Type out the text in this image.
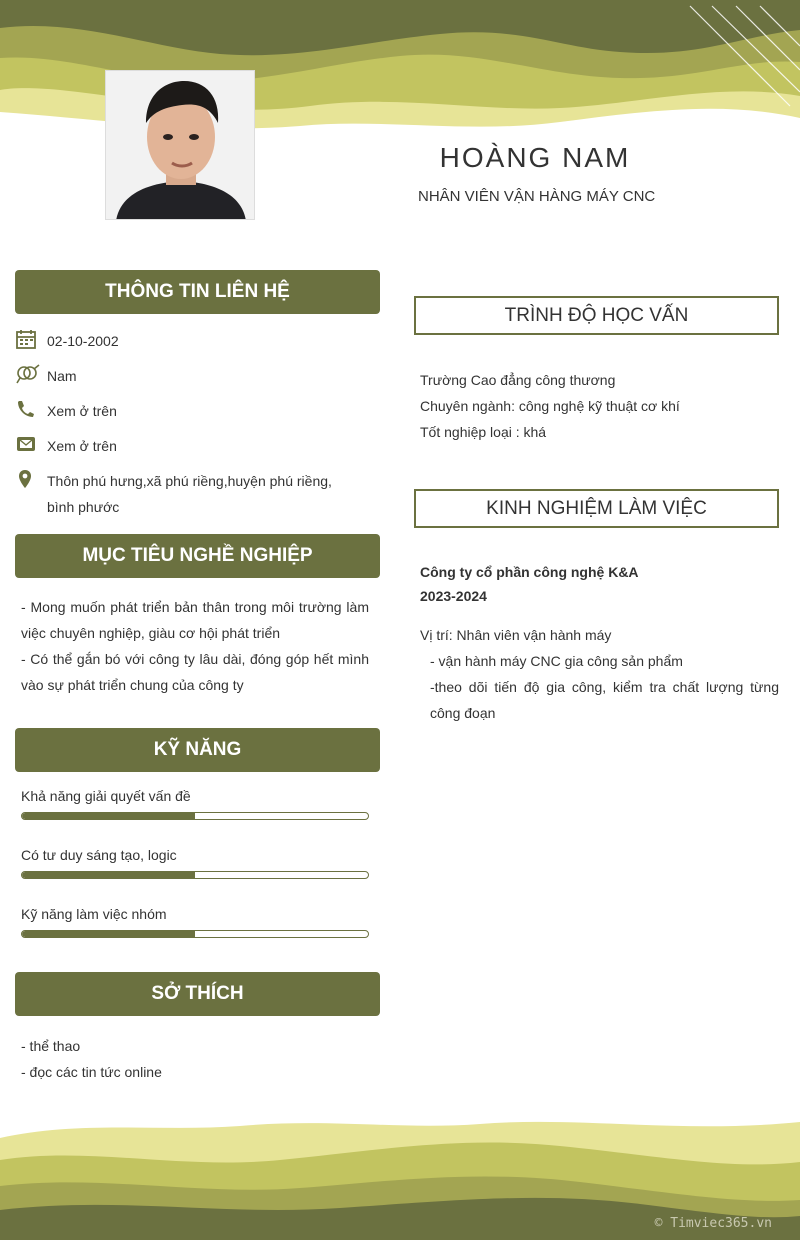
HOÀNG NAM
NHÂN VIÊN VẬN HÀNG MÁY CNC
THÔNG TIN LIÊN HỆ
02-10-2002
Nam
Xem ở trên
Xem ở trên
Thôn phú hưng,xã phú riềng,huyện phú riềng, bình phước
MỤC TIÊU NGHỀ NGHIỆP
- Mong muốn phát triển bản thân trong môi trường làm việc chuyên nghiệp, giàu cơ hội phát triển
- Có thể gắn bó với công ty lâu dài, đóng góp hết mình vào sự phát triển chung của công ty
KỸ NĂNG
Khả năng giải quyết vấn đề
Có tư duy sáng tạo, logic
Kỹ năng làm việc nhóm
SỞ THÍCH
- thể thao
- đọc các tin tức online
TRÌNH ĐỘ HỌC VẤN
Trường Cao đẳng công thương
Chuyên ngành: công nghệ kỹ thuật cơ khí
Tốt nghiệp loại : khá
KINH NGHIỆM LÀM VIỆC
Công ty cổ phần công nghệ K&A
2023-2024
Vị trí: Nhân viên vận hành máy
- vận hành máy CNC gia công sản phẩm
-theo dõi tiến độ gia công, kiểm tra chất lượng từng công đoạn
© Timviec365.vn
